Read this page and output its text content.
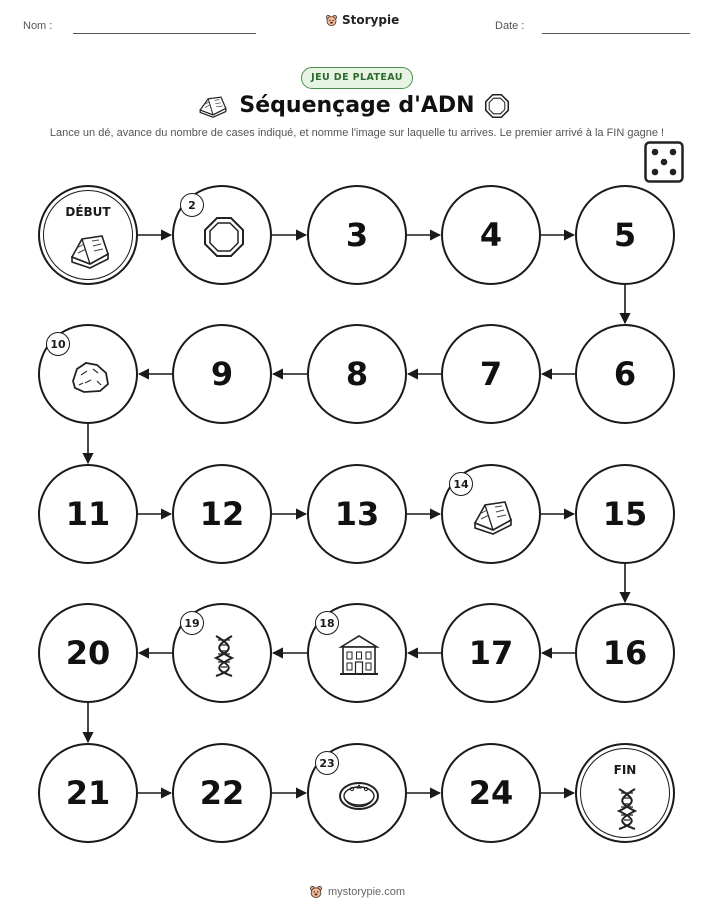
Nom :	Storypie	Date :
JEU DE PLATEAU
Séquençage d'ADN
Lance un dé, avance du nombre de cases indiqué, et nomme l'image sur laquelle tu arrives. Le premier arrivé à la FIN gagne !
DÉBUT	2
3	4	5
6
7
8
9
10
11	12	13
14
15
16
17
18
19
20
21	22
23
24
FIN
mystorypie.com
